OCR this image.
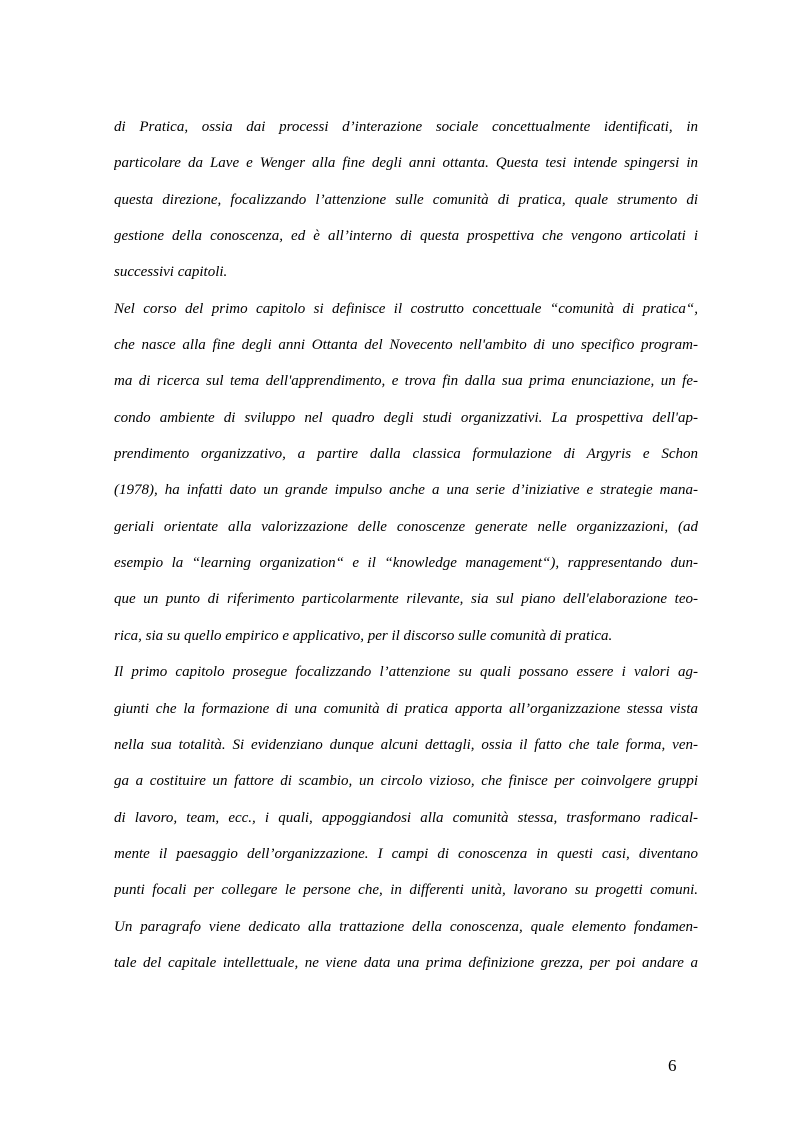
di Pratica, ossia dai processi d’interazione sociale concettualmente identificati, in
particolare da Lave e Wenger alla fine degli anni ottanta. Questa tesi intende spingersi in
questa direzione, focalizzando l’attenzione sulle comunità di pratica, quale strumento di
gestione della conoscenza, ed è all’interno di questa prospettiva che vengono articolati i
successivi capitoli.
Nel corso del primo capitolo si definisce il costrutto concettuale “comunità di pratica“,
che nasce alla fine degli anni Ottanta del Novecento nell'ambito di uno specifico program-
ma di ricerca sul tema dell'apprendimento, e trova fin dalla sua prima enunciazione, un fe-
condo ambiente di sviluppo nel quadro degli studi organizzativi. La prospettiva dell'ap-
prendimento organizzativo, a partire dalla classica formulazione di Argyris e Schon
(1978), ha infatti dato un grande impulso anche a una serie d’iniziative e strategie mana-
geriali orientate alla valorizzazione delle conoscenze generate nelle organizzazioni, (ad
esempio la “learning organization“ e il “knowledge management“), rappresentando dun-
que un punto di riferimento particolarmente rilevante, sia sul piano dell'elaborazione teo-
rica, sia su quello empirico e applicativo, per il discorso sulle comunità di pratica.
Il primo capitolo prosegue focalizzando l’attenzione su quali possano essere i valori ag-
giunti che la formazione di una comunità di pratica apporta all’organizzazione stessa vista
nella sua totalità. Si evidenziano dunque alcuni dettagli, ossia il fatto che tale forma, ven-
ga a costituire un fattore di scambio, un circolo vizioso, che finisce per coinvolgere gruppi
di lavoro, team, ecc., i quali, appoggiandosi alla comunità stessa, trasformano radical-
mente il paesaggio dell’organizzazione. I campi di conoscenza in questi casi, diventano
punti focali per collegare le persone che, in differenti unità, lavorano su progetti comuni.
Un paragrafo viene dedicato alla trattazione della conoscenza, quale elemento fondamen-
tale del capitale intellettuale, ne viene data una prima definizione grezza, per poi andare a
6
